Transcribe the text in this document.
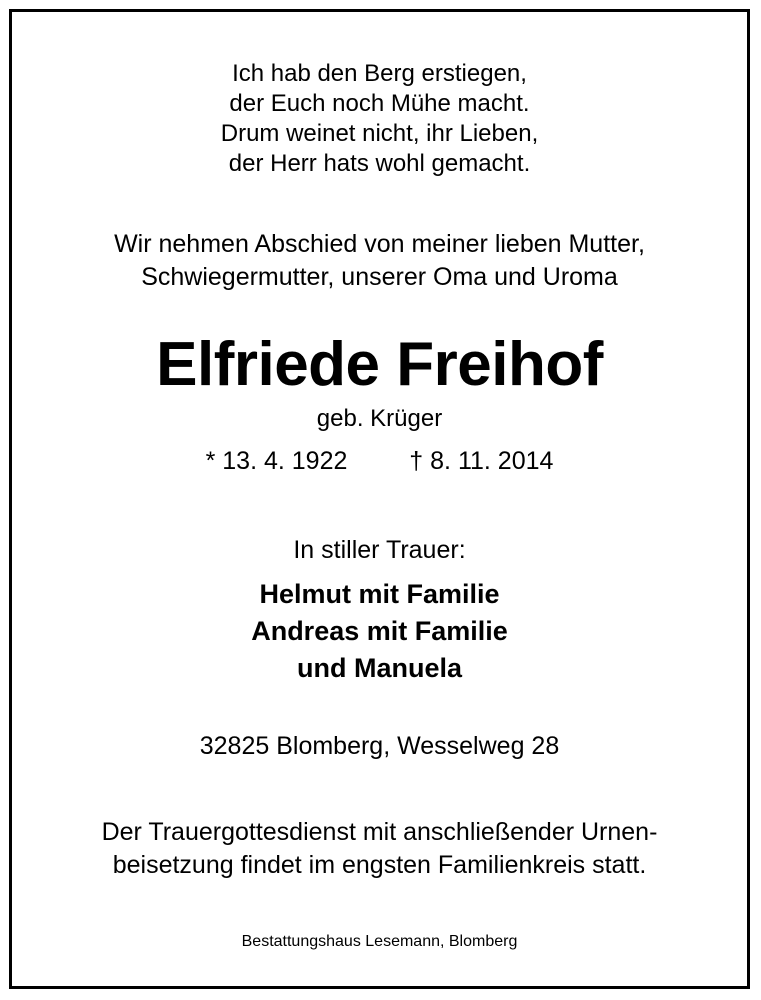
Ich hab den Berg erstiegen,
der Euch noch Mühe macht.
Drum weinet nicht, ihr Lieben,
der Herr hats wohl gemacht.
Wir nehmen Abschied von meiner lieben Mutter,
Schwiegermutter, unserer Oma und Uroma
Elfriede Freihof
geb. Krüger
* 13. 4. 1922 † 8. 11. 2014
In stiller Trauer:
Helmut mit Familie
Andreas mit Familie
und Manuela
32825 Blomberg, Wesselweg 28
Der Trauergottesdienst mit anschließender Urnen-
beisetzung findet im engsten Familienkreis statt.
Bestattungshaus Lesemann, Blomberg
